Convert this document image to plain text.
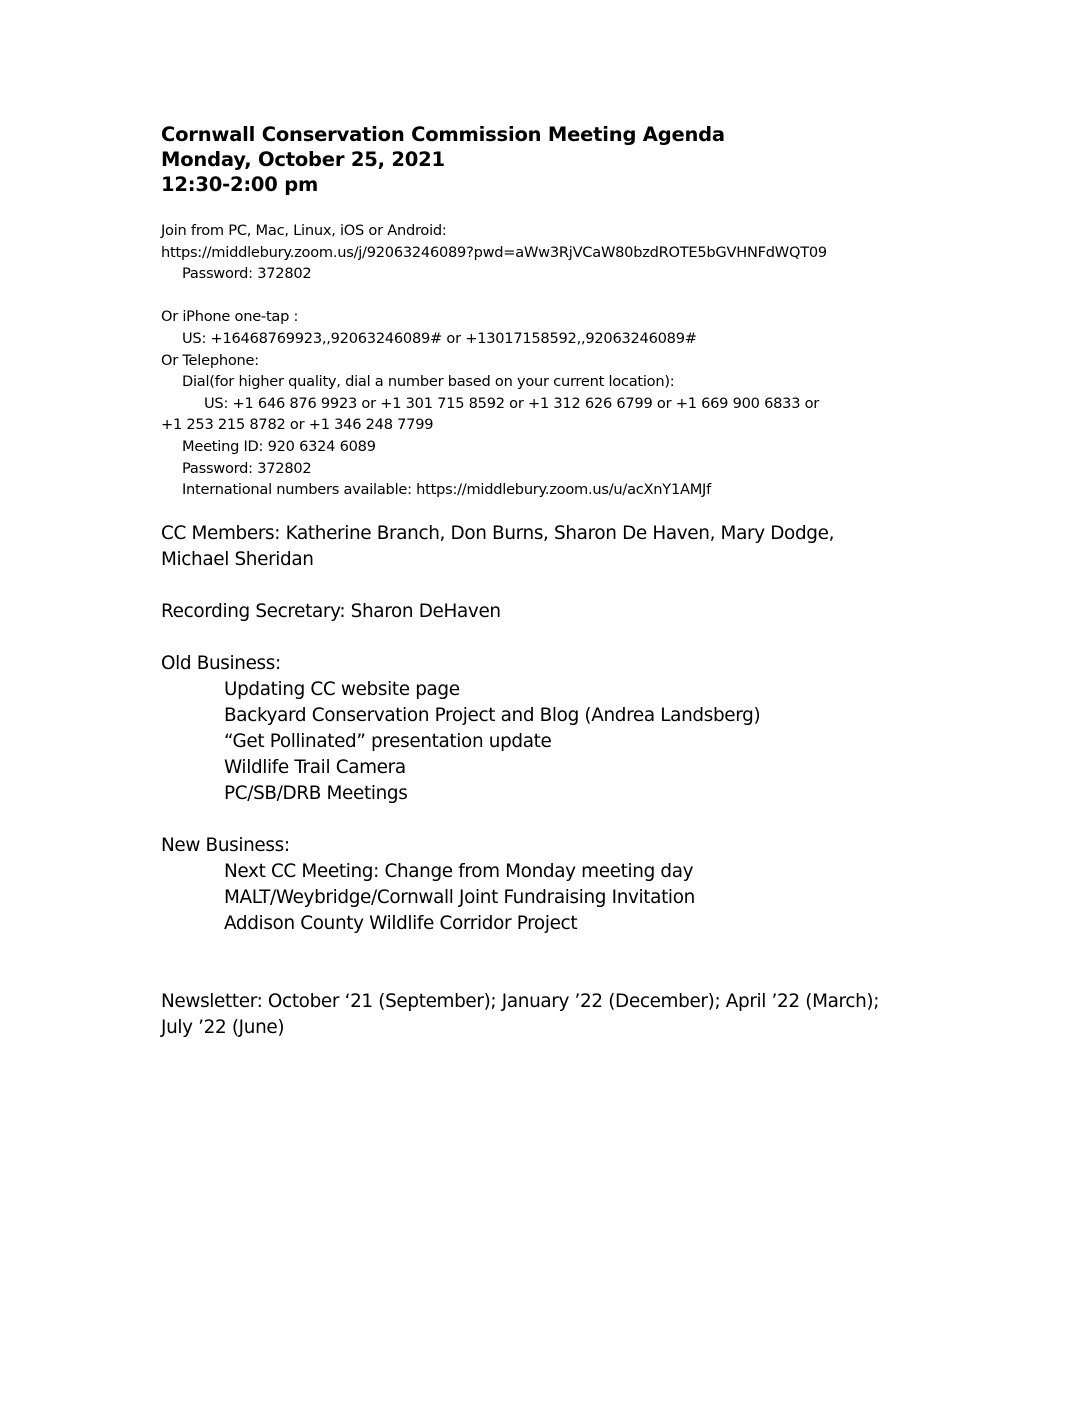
Cornwall Conservation Commission Meeting Agenda
Monday, October 25, 2021
12:30-2:00 pm
Join from PC, Mac, Linux, iOS or Android:
https://middlebury.zoom.us/j/92063246089?pwd=aWw3RjVCaW80bzdROTE5bGVHNFdWQT09
Password: 372802
Or iPhone one-tap :
US: +16468769923,,92063246089# or +13017158592,,92063246089#
Or Telephone:
Dial(for higher quality, dial a number based on your current location):
US: +1 646 876 9923 or +1 301 715 8592 or +1 312 626 6799 or +1 669 900 6833 or
+1 253 215 8782 or +1 346 248 7799
Meeting ID: 920 6324 6089
Password: 372802
International numbers available: https://middlebury.zoom.us/u/acXnY1AMJf
CC Members: Katherine Branch, Don Burns, Sharon De Haven, Mary Dodge,
Michael Sheridan
Recording Secretary: Sharon DeHaven
Old Business:
Updating CC website page
Backyard Conservation Project and Blog (Andrea Landsberg)
“Get Pollinated” presentation update
Wildlife Trail Camera
PC/SB/DRB Meetings
New Business:
Next CC Meeting: Change from Monday meeting day
MALT/Weybridge/Cornwall Joint Fundraising Invitation
Addison County Wildlife Corridor Project
Newsletter: October ‘21 (September); January ’22 (December); April ’22 (March);
July ’22 (June)
